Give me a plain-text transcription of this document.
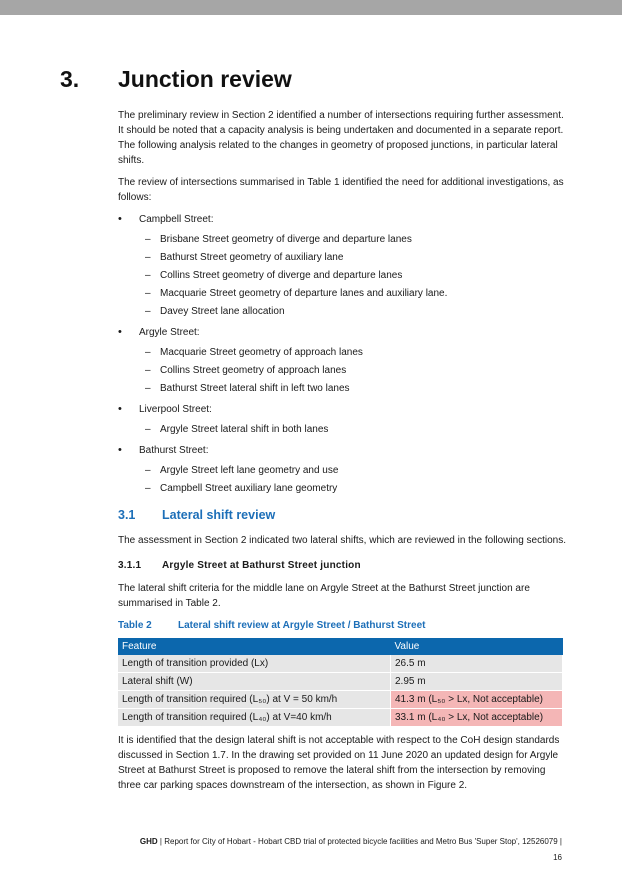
3. Junction review

The preliminary review in Section 2 identified a number of intersections requiring further assessment. It should be noted that a capacity analysis is being undertaken and documented in a separate report. The following analysis related to the changes in geometry of proposed junctions, in particular lateral shifts.

The review of intersections summarised in Table 1 identified the need for additional investigations, as follows:

• Campbell Street:
– Brisbane Street geometry of diverge and departure lanes
– Bathurst Street geometry of auxiliary lane
– Collins Street geometry of diverge and departure lanes
– Macquarie Street geometry of departure lanes and auxiliary lane.
– Davey Street lane allocation
• Argyle Street:
– Macquarie Street geometry of approach lanes
– Collins Street geometry of approach lanes
– Bathurst Street lateral shift in left two lanes
• Liverpool Street:
– Argyle Street lateral shift in both lanes
• Bathurst Street:
– Argyle Street left lane geometry and use
– Campbell Street auxiliary lane geometry
3.1 Lateral shift review

The assessment in Section 2 indicated two lateral shifts, which are reviewed in the following sections.

3.1.1 Argyle Street at Bathurst Street junction

The lateral shift criteria for the middle lane on Argyle Street at the Bathurst Street junction are summarised in Table 2.

Table 2	Lateral shift review at Argyle Street / Bathurst Street
Feature	Value
Length of transition provided (Lx)	26.5 m
Lateral shift (W)	2.95 m
Length of transition required (L₅₀) at V = 50 km/h	41.3 m (L₅₀ > Lx, Not acceptable)
Length of transition required (L₄₀) at V=40 km/h	33.1 m (L₄₀ > Lx, Not acceptable)

It is identified that the design lateral shift is not acceptable with respect to the CoH design standards discussed in Section 1.7. In the drawing set provided on 11 June 2020 an updated design for Argyle Street at Bathurst Street is proposed to remove the lateral shift from the intersection by removing three car parking spaces downstream of the intersection, as shown in Figure 2.

GHD | Report for City of Hobart - Hobart CBD trial of protected bicycle facilities and Metro Bus 'Super Stop', 12526079 |
16
